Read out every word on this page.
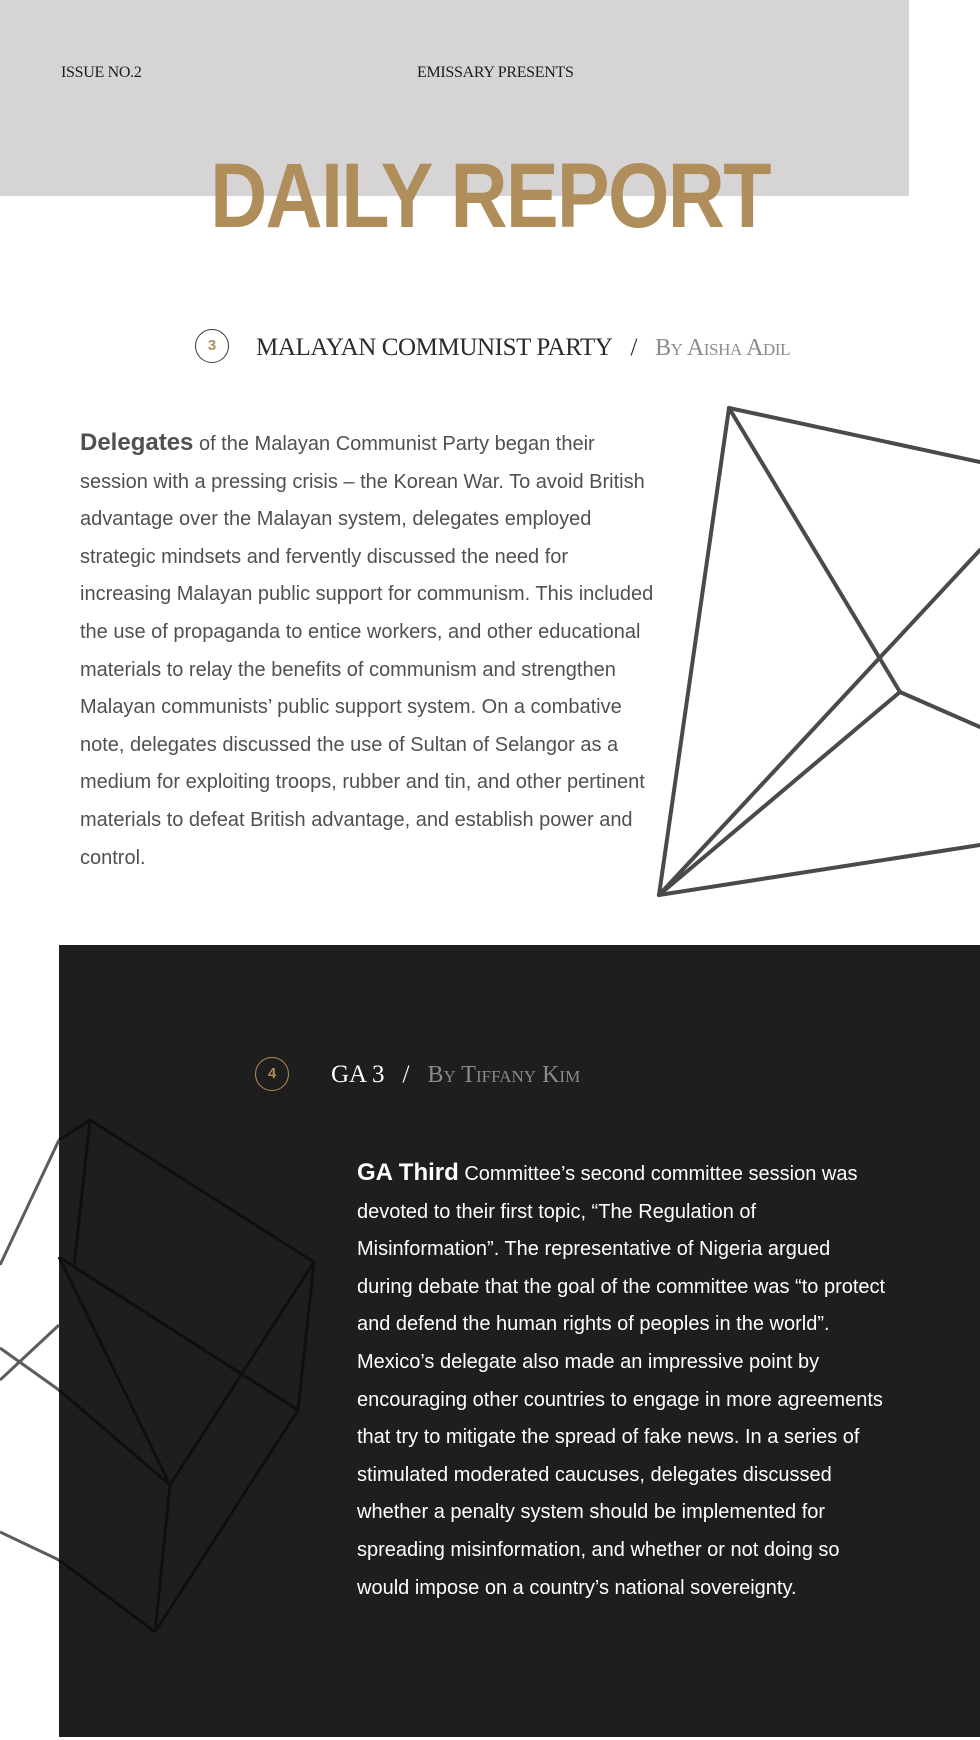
ISSUE NO.2	EMISSARY PRESENTS
DAILY REPORT
3	MALAYAN COMMUNIST PARTY / By Aisha Adil
Delegates of the Malayan Communist Party began their session with a pressing crisis – the Korean War. To avoid British advantage over the Malayan system, delegates employed strategic mindsets and fervently discussed the need for increasing Malayan public support for communism. This included the use of propaganda to entice workers, and other educational materials to relay the benefits of communism and strengthen Malayan communists’ public support system. On a combative note, delegates discussed the use of Sultan of Selangor as a medium for exploiting troops, rubber and tin, and other pertinent materials to defeat British advantage, and establish power and control.
4	GA 3 / By Tiffany Kim
GA Third Committee’s second committee session was devoted to their first topic, “The Regulation of Misinformation”. The representative of Nigeria argued during debate that the goal of the committee was “to protect and defend the human rights of peoples in the world”. Mexico’s delegate also made an impressive point by encouraging other countries to engage in more agreements that try to mitigate the spread of fake news. In a series of stimulated moderated caucuses, delegates discussed whether a penalty system should be implemented for spreading misinformation, and whether or not doing so would impose on a country’s national sovereignty.
